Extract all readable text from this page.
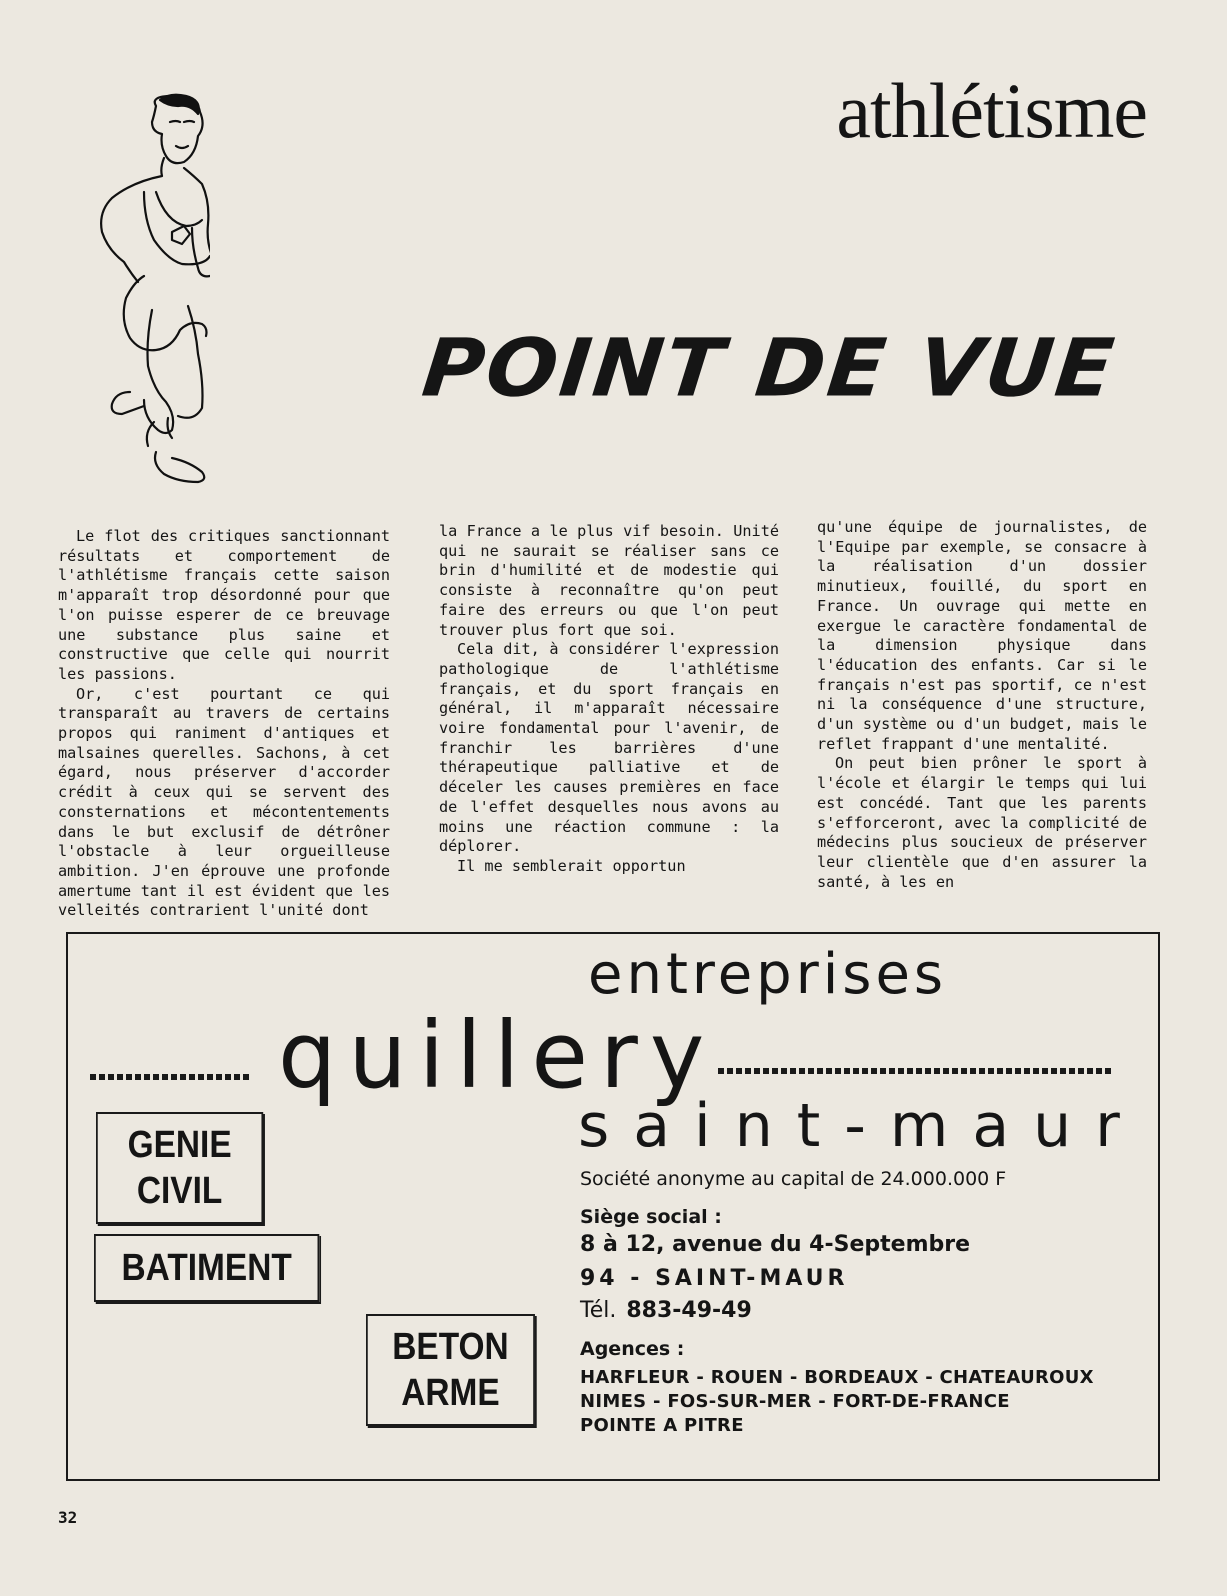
athlétisme
POINT DE VUE

Le flot des critiques sanctionnant résultats et comportement de l'athlétisme français cette saison m'apparaît trop désordonné pour que l'on puisse esperer de ce breuvage une substance plus saine et constructive que celle qui nourrit les passions.

Or, c'est pourtant ce qui transparaît au travers de certains propos qui raniment d'antiques et malsaines querelles. Sachons, à cet égard, nous préserver d'accorder crédit à ceux qui se servent des consternations et mécontentements dans le but exclusif de détrôner l'obstacle à leur orgueilleuse ambition. J'en éprouve une profonde amertume tant il est évident que les velleités contrarient l'unité dont

la France a le plus vif besoin. Unité qui ne saurait se réaliser sans ce brin d'humilité et de modestie qui consiste à reconnaître qu'on peut faire des erreurs ou que l'on peut trouver plus fort que soi.

Cela dit, à considérer l'expression pathologique de l'athlétisme français, et du sport français en général, il m'apparaît nécessaire voire fondamental pour l'avenir, de franchir les barrières d'une thérapeutique palliative et de déceler les causes premières en face de l'effet desquelles nous avons au moins une réaction commune : la déplorer.

Il me semblerait opportun

qu'une équipe de journalistes, de l'Equipe par exemple, se consacre à la réalisation d'un dossier minutieux, fouillé, du sport en France. Un ouvrage qui mette en exergue le caractère fondamental de la dimension physique dans l'éducation des enfants. Car si le français n'est pas sportif, ce n'est ni la conséquence d'une structure, d'un système ou d'un budget, mais le reflet frappant d'une mentalité.

On peut bien prôner le sport à l'école et élargir le temps qui lui est concédé. Tant que les parents s'efforceront, avec la complicité de médecins plus soucieux de préserver leur clientèle que d'en assurer la santé, à les en

entreprises
quillery
saint-maur
Société anonyme au capital de 24.000.000 F
Siège social :
8 à 12, avenue du 4-Septembre
94 - SAINT-MAUR
Tél. 883-49-49
Agences :
HARFLEUR - ROUEN - BORDEAUX - CHATEAUROUX
NIMES - FOS-SUR-MER - FORT-DE-FRANCE
POINTE A PITRE
GENIE
CIVIL
BATIMENT
BETON
ARME
32
